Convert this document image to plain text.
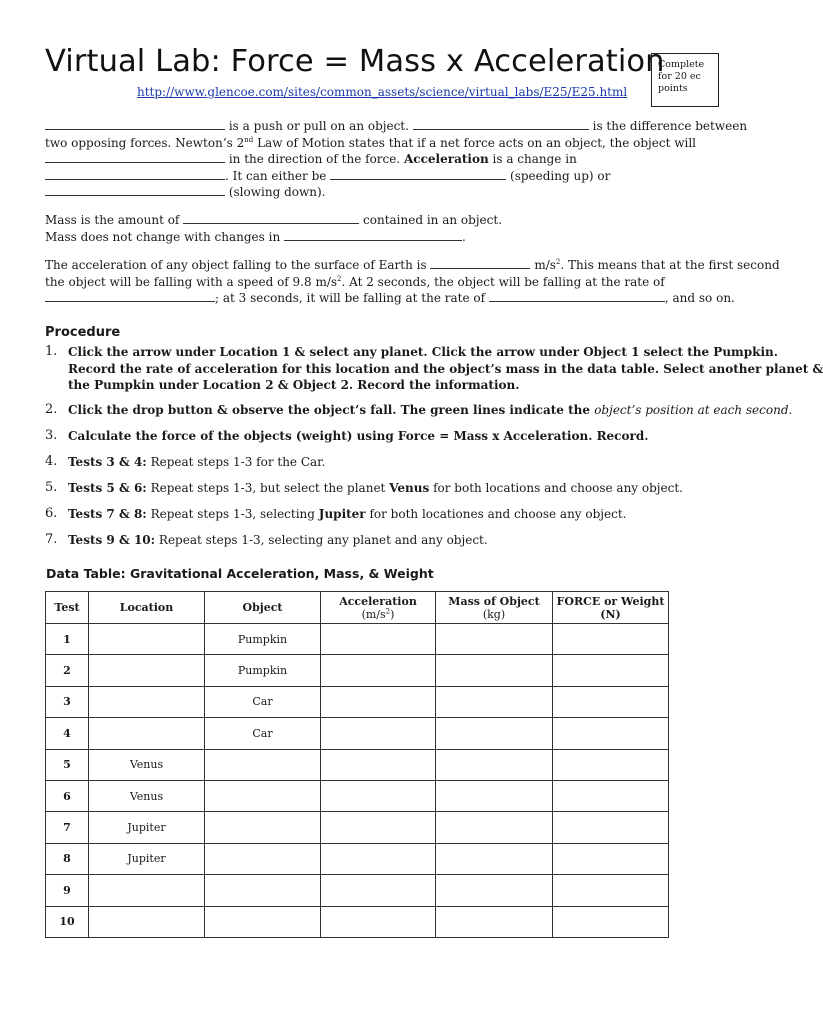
Virtual Lab: Force = Mass x Acceleration
http://www.glencoe.com/sites/common_assets/science/virtual_labs/E25/E25.html
Complete for 20 ec points
is a push or pull on an object.	is the difference between
two opposing forces. Newton’s 2nd Law of Motion states that if a net force acts on an object, the object will
in the direction of the force. Acceleration is a change in
. It can either be	(speeding up) or
(slowing down).
Mass is the amount of	contained in an object.
Mass does not change with changes in	.
The acceleration of any object falling to the surface of Earth is	$m/s^2$. This means that at the first second
the object will be falling with a speed of 9.8 $m/s^2$. At 2 seconds, the object will be falling at the rate of
; at 3 seconds, it will be falling at the rate of	, and so on.
Procedure
1. Click the arrow under Location 1 & select any planet. Click the arrow under Object 1 select the Pumpkin.
Record the rate of acceleration for this location and the object’s mass in the data table. Select another planet &
the Pumpkin under Location 2 & Object 2. Record the information.
2. Click the drop button & observe the object’s fall. The green lines indicate the object’s position at each second.
3. Calculate the force of the objects (weight) using Force = Mass x Acceleration. Record.
4. Tests 3 & 4: Repeat steps 1-3 for the Car.
5. Tests 5 & 6: Repeat steps 1-3, but select the planet Venus for both locations and choose any object.
6. Tests 7 & 8: Repeat steps 1-3, selecting Jupiter for both locationes and choose any object.
7. Tests 9 & 10: Repeat steps 1-3, selecting any planet and any object.
Data Table: Gravitational Acceleration, Mass, & Weight
Test	Location	Object	Acceleration $(m/s^2)$	Mass of Object (kg)	FORCE or Weight
(N)
1		Pumpkin			
2		Pumpkin			
3		Car			
4		Car			
5	Venus				
6	Venus				
7	Jupiter				
8	Jupiter				
9					
10					
